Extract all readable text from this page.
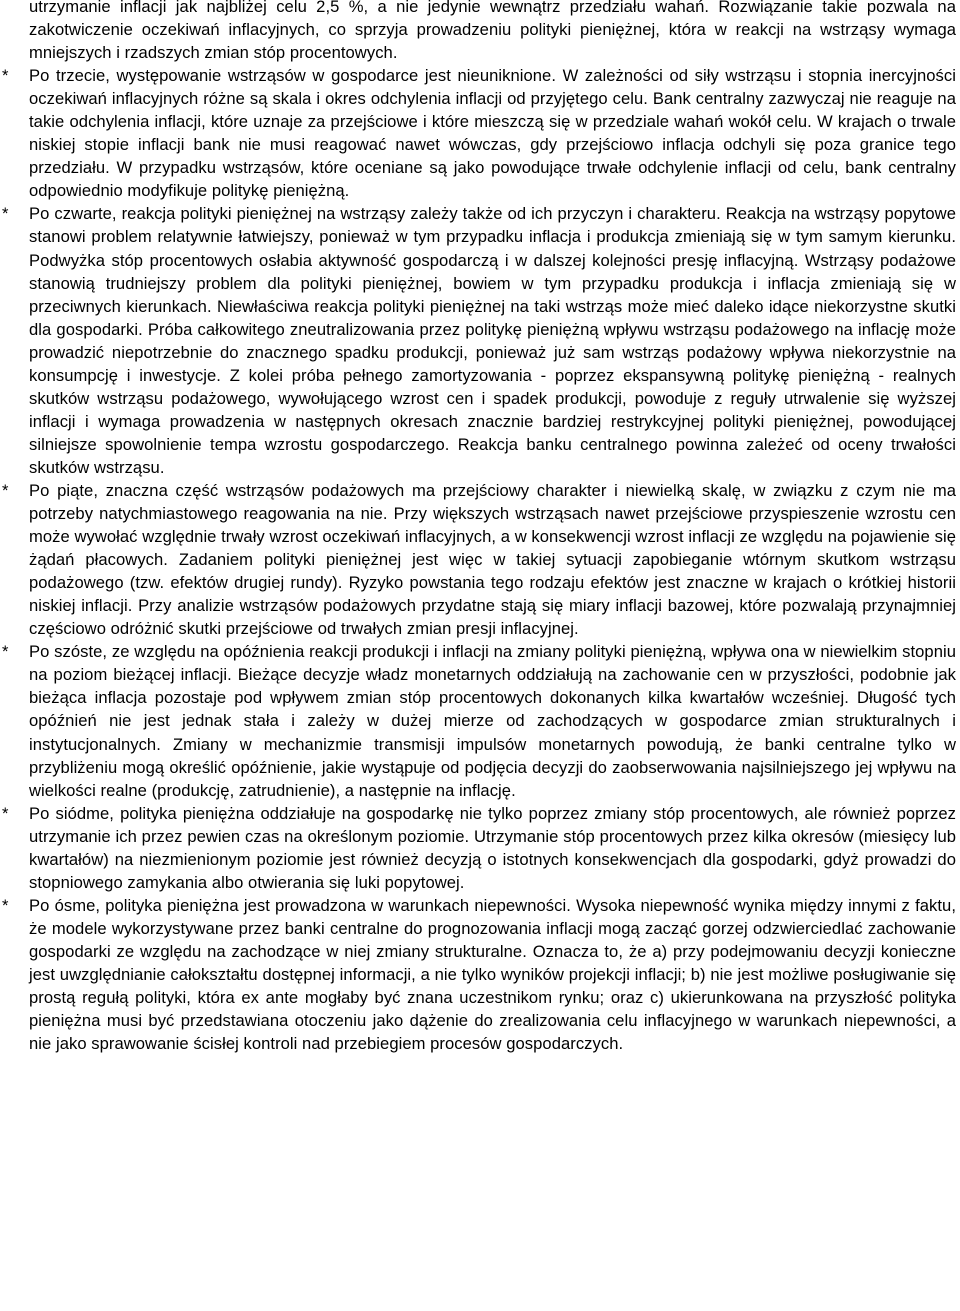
utrzymanie inflacji jak najbliżej celu 2,5 %, a nie jedynie wewnątrz przedziału wahań. Rozwiązanie takie pozwala na zakotwiczenie oczekiwań inflacyjnych, co sprzyja prowadzeniu polityki pieniężnej, która w reakcji na wstrząsy wymaga mniejszych i rzadszych zmian stóp procentowych.

*	Po trzecie, występowanie wstrząsów w gospodarce jest nieuniknione. W zależności od siły wstrząsu i stopnia inercyjności oczekiwań inflacyjnych różne są skala i okres odchylenia inflacji od przyjętego celu. Bank centralny zazwyczaj nie reaguje na takie odchylenia inflacji, które uznaje za przejściowe i które mieszczą się w przedziale wahań wokół celu. W krajach o trwale niskiej stopie inflacji bank nie musi reagować nawet wówczas, gdy przejściowo inflacja odchyli się poza granice tego przedziału. W przypadku wstrząsów, które oceniane są jako powodujące trwałe odchylenie inflacji od celu, bank centralny odpowiednio modyfikuje politykę pieniężną.

*	Po czwarte, reakcja polityki pieniężnej na wstrząsy zależy także od ich przyczyn i charakteru. Reakcja na wstrząsy popytowe stanowi problem relatywnie łatwiejszy, ponieważ w tym przypadku inflacja i produkcja zmieniają się w tym samym kierunku. Podwyżka stóp procentowych osłabia aktywność gospodarczą i w dalszej kolejności presję inflacyjną. Wstrząsy podażowe stanowią trudniejszy problem dla polityki pieniężnej, bowiem w tym przypadku produkcja i inflacja zmieniają się w przeciwnych kierunkach. Niewłaściwa reakcja polityki pieniężnej na taki wstrząs może mieć daleko idące niekorzystne skutki dla gospodarki. Próba całkowitego zneutralizowania przez politykę pieniężną wpływu wstrząsu podażowego na inflację może prowadzić niepotrzebnie do znacznego spadku produkcji, ponieważ już sam wstrząs podażowy wpływa niekorzystnie na konsumpcję i inwestycje. Z kolei próba pełnego zamortyzowania - poprzez ekspansywną politykę pieniężną - realnych skutków wstrząsu podażowego, wywołującego wzrost cen i spadek produkcji, powoduje z reguły utrwalenie się wyższej inflacji i wymaga prowadzenia w następnych okresach znacznie bardziej restrykcyjnej polityki pieniężnej, powodującej silniejsze spowolnienie tempa wzrostu gospodarczego. Reakcja banku centralnego powinna zależeć od oceny trwałości skutków wstrząsu.

*	Po piąte, znaczna część wstrząsów podażowych ma przejściowy charakter i niewielką skalę, w związku z czym nie ma potrzeby natychmiastowego reagowania na nie. Przy większych wstrząsach nawet przejściowe przyspieszenie wzrostu cen może wywołać względnie trwały wzrost oczekiwań inflacyjnych, a w konsekwencji wzrost inflacji ze względu na pojawienie się żądań płacowych. Zadaniem polityki pieniężnej jest więc w takiej sytuacji zapobieganie wtórnym skutkom wstrząsu podażowego (tzw. efektów drugiej rundy). Ryzyko powstania tego rodzaju efektów jest znaczne w krajach o krótkiej historii niskiej inflacji. Przy analizie wstrząsów podażowych przydatne stają się miary inflacji bazowej, które pozwalają przynajmniej częściowo odróżnić skutki przejściowe od trwałych zmian presji inflacyjnej.

*	Po szóste, ze względu na opóźnienia reakcji produkcji i inflacji na zmiany polityki pieniężną, wpływa ona w niewielkim stopniu na poziom bieżącej inflacji. Bieżące decyzje władz monetarnych oddziałują na zachowanie cen w przyszłości, podobnie jak bieżąca inflacja pozostaje pod wpływem zmian stóp procentowych dokonanych kilka kwartałów wcześniej. Długość tych opóźnień nie jest jednak stała i zależy w dużej mierze od zachodzących w gospodarce zmian strukturalnych i instytucjonalnych. Zmiany w mechanizmie transmisji impulsów monetarnych powodują, że banki centralne tylko w przybliżeniu mogą określić opóźnienie, jakie wystąpuje od podjęcia decyzji do zaobserwowania najsilniejszego jej wpływu na wielkości realne (produkcję, zatrudnienie), a następnie na inflację.

*	Po siódme, polityka pieniężna oddziałuje na gospodarkę nie tylko poprzez zmiany stóp procentowych, ale również poprzez utrzymanie ich przez pewien czas na określonym poziomie. Utrzymanie stóp procentowych przez kilka okresów (miesięcy lub kwartałów) na niezmienionym poziomie jest również decyzją o istotnych konsekwencjach dla gospodarki, gdyż prowadzi do stopniowego zamykania albo otwierania się luki popytowej.

*	Po ósme, polityka pieniężna jest prowadzona w warunkach niepewności. Wysoka niepewność wynika między innymi z faktu, że modele wykorzystywane przez banki centralne do prognozowania inflacji mogą zacząć gorzej odzwierciedlać zachowanie gospodarki ze względu na zachodzące w niej zmiany strukturalne. Oznacza to, że a) przy podejmowaniu decyzji konieczne jest uwzględnianie całokształtu dostępnej informacji, a nie tylko wyników projekcji inflacji; b) nie jest możliwe posługiwanie się prostą regułą polityki, która ex ante mogłaby być znana uczestnikom rynku; oraz c) ukierunkowana na przyszłość polityka pieniężna musi być przedstawiana otoczeniu jako dążenie do zrealizowania celu inflacyjnego w warunkach niepewności, a nie jako sprawowanie ścisłej kontroli nad przebiegiem procesów gospodarczych.
